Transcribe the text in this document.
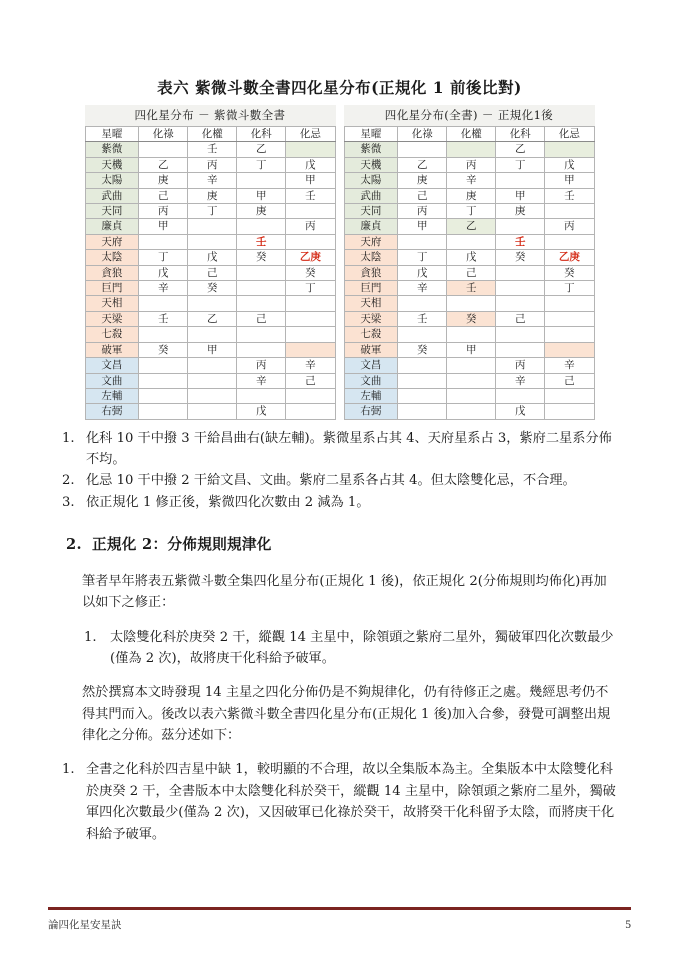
表六 紫微斗數全書四化星分布(正規化 1 前後比對)
四化星分布 － 紫微斗數全書
星曜	化祿	化權	化科	化忌
紫微		壬	乙	
天機	乙	丙	丁	戊
太陽	庚	辛		甲
武曲	己	庚	甲	壬
天同	丙	丁	庚	
廉貞	甲			丙
天府			壬	
太陰	丁	戊	癸	乙庚
貪狼	戊	己		癸
巨門	辛	癸		丁
天相				
天梁	壬	乙	己	
七殺				
破軍	癸	甲		
文昌			丙	辛
文曲			辛	己
左輔				
右弼			戊	
四化星分布(全書) － 正規化1後
星曜	化祿	化權	化科	化忌
紫微			乙	
天機	乙	丙	丁	戊
太陽	庚	辛		甲
武曲	己	庚	甲	壬
天同	丙	丁	庚	
廉貞	甲	乙		丙
天府			壬	
太陰	丁	戊	癸	乙庚
貪狼	戊	己		癸
巨門	辛	壬		丁
天相				
天梁	壬	癸	己	
七殺				
破軍	癸	甲		
文昌			丙	辛
文曲			辛	己
左輔				
右弼			戊	
1. 化科 10 干中撥 3 干給昌曲右(缺左輔)。紫微星系占其 4、天府星系占 3，紫府二星系分佈不均。
2. 化忌 10 干中撥 2 干給文昌、文曲。紫府二星系各占其 4。但太陰雙化忌，不合理。
3. 依正規化 1 修正後，紫微四化次數由 2 減為 1。
2. 正規化 2：分佈規則規津化

筆者早年將表五紫微斗數全集四化星分布(正規化 1 後)，依正規化 2(分佈規則均佈化)再加以如下之修正：

1.	太陰雙化科於庚癸 2 干，縱觀 14 主星中，除領頭之紫府二星外，獨破軍四化次數最少(僅為 2 次)，故將庚干化科給予破軍。

然於撰寫本文時發現 14 主星之四化分佈仍是不夠規律化，仍有待修正之處。幾經思考仍不得其門而入。後改以表六紫微斗數全書四化星分布(正規化 1 後)加入合參，發覺可調整出規律化之分佈。茲分述如下：

1. 全書之化科於四吉星中缺 1，較明顯的不合理，故以全集版本為主。全集版本中太陰雙化科於庚癸 2 干，全書版本中太陰雙化科於癸干，縱觀 14 主星中，除領頭之紫府二星外，獨破軍四化次數最少(僅為 2 次)，又因破軍已化祿於癸干，故將癸干化科留予太陰，而將庚干化科給予破軍。
論四化星安星訣	5
